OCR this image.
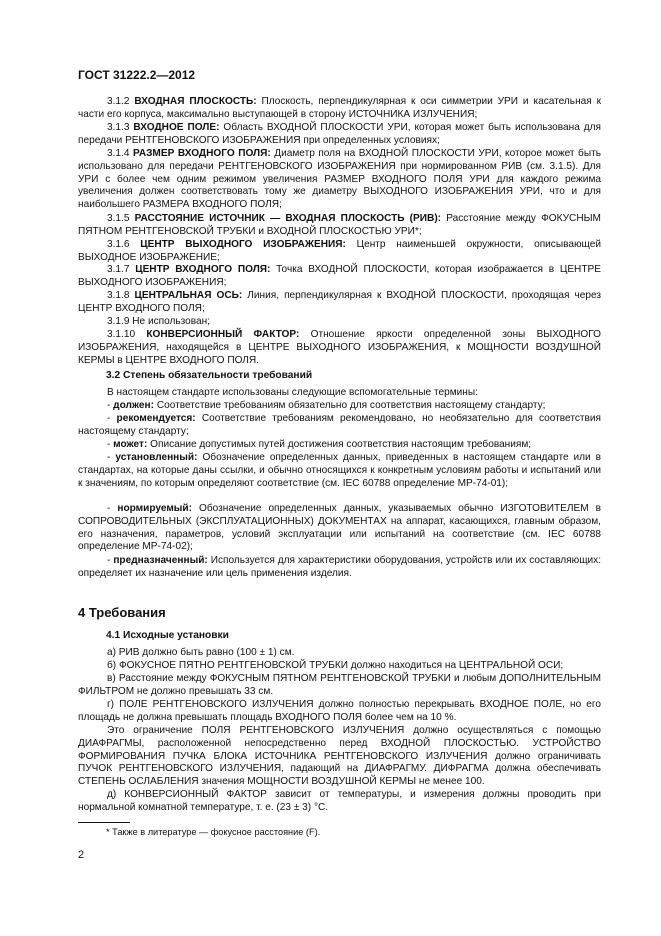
ГОСТ 31222.2—2012
3.1.2 ВХОДНАЯ ПЛОСКОСТЬ: Плоскость, перпендикулярная к оси симметрии УРИ и касательная к части его корпуса, максимально выступающей в сторону ИСТОЧНИКА ИЗЛУЧЕНИЯ;
3.1.3 ВХОДНОЕ ПОЛЕ: Область ВХОДНОЙ ПЛОСКОСТИ УРИ, которая может быть использована для передачи РЕНТГЕНОВСКОГО ИЗОБРАЖЕНИЯ при определенных условиях;
3.1.4 РАЗМЕР ВХОДНОГО ПОЛЯ: Диаметр поля на ВХОДНОЙ ПЛОСКОСТИ УРИ, которое может быть использовано для передачи РЕНТГЕНОВСКОГО ИЗОБРАЖЕНИЯ при нормированном РИВ (см. 3.1.5). Для УРИ с более чем одним режимом увеличения РАЗМЕР ВХОДНОГО ПОЛЯ УРИ для каждого режима увеличения должен соответствовать тому же диаметру ВЫХОДНОГО ИЗОБРАЖЕНИЯ УРИ, что и для наибольшего РАЗМЕРА ВХОДНОГО ПОЛЯ;
3.1.5 РАССТОЯНИЕ ИСТОЧНИК — ВХОДНАЯ ПЛОСКОСТЬ (РИВ): Расстояние между ФОКУСНЫМ ПЯТНОМ РЕНТГЕНОВСКОЙ ТРУБКИ и ВХОДНОЙ ПЛОСКОСТЬЮ УРИ*;
3.1.6 ЦЕНТР ВЫХОДНОГО ИЗОБРАЖЕНИЯ: Центр наименьшей окружности, описывающей ВЫХОДНОЕ ИЗОБРАЖЕНИЕ;
3.1.7 ЦЕНТР ВХОДНОГО ПОЛЯ: Точка ВХОДНОЙ ПЛОСКОСТИ, которая изображается в ЦЕНТРЕ ВЫХОДНОГО ИЗОБРАЖЕНИЯ;
3.1.8 ЦЕНТРАЛЬНАЯ ОСЬ: Линия, перпендикулярная к ВХОДНОЙ ПЛОСКОСТИ, проходящая через ЦЕНТР ВХОДНОГО ПОЛЯ;
3.1.9 Не использован;
3.1.10 КОНВЕРСИОННЫЙ ФАКТОР: Отношение яркости определенной зоны ВЫХОДНОГО ИЗОБРАЖЕНИЯ, находящейся в ЦЕНТРЕ ВЫХОДНОГО ИЗОБРАЖЕНИЯ, к МОЩНОСТИ ВОЗДУШНОЙ КЕРМЫ в ЦЕНТРЕ ВХОДНОГО ПОЛЯ.
3.2 Степень обязательности требований
В настоящем стандарте использованы следующие вспомогательные термины:
- должен: Соответствие требованиям обязательно для соответствия настоящему стандарту;
- рекомендуется: Соответствие требованиям рекомендовано, но необязательно для соответствия настоящему стандарту;
- может: Описание допустимых путей достижения соответствия настоящим требованиям;
- установленный: Обозначение определенных данных, приведенных в настоящем стандарте или в стандартах, на которые даны ссылки, и обычно относящихся к конкретным условиям работы и испытаний или к значениям, по которым определяют соответствие (см. IEC 60788 определение МР-74-01);
- нормируемый: Обозначение определенных данных, указываемых обычно ИЗГОТОВИТЕЛЕМ в СОПРОВОДИТЕЛЬНЫХ (ЭКСПЛУАТАЦИОННЫХ) ДОКУМЕНТАХ на аппарат, касающихся, главным образом, его назначения, параметров, условий эксплуатации или испытаний на соответствие (см. IEC 60788 определение МР-74-02);
- предназначенный: Используется для характеристики оборудования, устройств или их составляющих: определяет их назначение или цель применения изделия.
4 Требования
4.1 Исходные установки
а) РИВ должно быть равно (100 ± 1) см.
б) ФОКУСНОЕ ПЯТНО РЕНТГЕНОВСКОЙ ТРУБКИ должно находиться на ЦЕНТРАЛЬНОЙ ОСИ;
в) Расстояние между ФОКУСНЫМ ПЯТНОМ РЕНТГЕНОВСКОЙ ТРУБКИ и любым ДОПОЛНИТЕЛЬНЫМ ФИЛЬТРОМ не должно превышать 33 см.
г) ПОЛЕ РЕНТГЕНОВСКОГО ИЗЛУЧЕНИЯ должно полностью перекрывать ВХОДНОЕ ПОЛЕ, но его площадь не должна превышать площадь ВХОДНОГО ПОЛЯ более чем на 10 %.
Это ограничение ПОЛЯ РЕНТГЕНОВСКОГО ИЗЛУЧЕНИЯ должно осуществляться с помощью ДИАФРАГМЫ, расположенной непосредственно перед ВХОДНОЙ ПЛОСКОСТЬЮ. УСТРОЙСТВО ФОРМИРОВАНИЯ ПУЧКА БЛОКА ИСТОЧНИКА РЕНТГЕНОВСКОГО ИЗЛУЧЕНИЯ должно ограничивать ПУЧОК РЕНТГЕНОВСКОГО ИЗЛУЧЕНИЯ, падающий на ДИАФРАГМУ. ДИФРАГМА должна обеспечивать СТЕПЕНЬ ОСЛАБЛЕНИЯ значения МОЩНОСТИ ВОЗДУШНОЙ КЕРМЫ не менее 100.
д) КОНВЕРСИОННЫЙ ФАКТОР зависит от температуры, и измерения должны проводить при нормальной комнатной температуре, т. е. (23 ± 3) °С.
* Также в литературе — фокусное расстояние (F).
2
